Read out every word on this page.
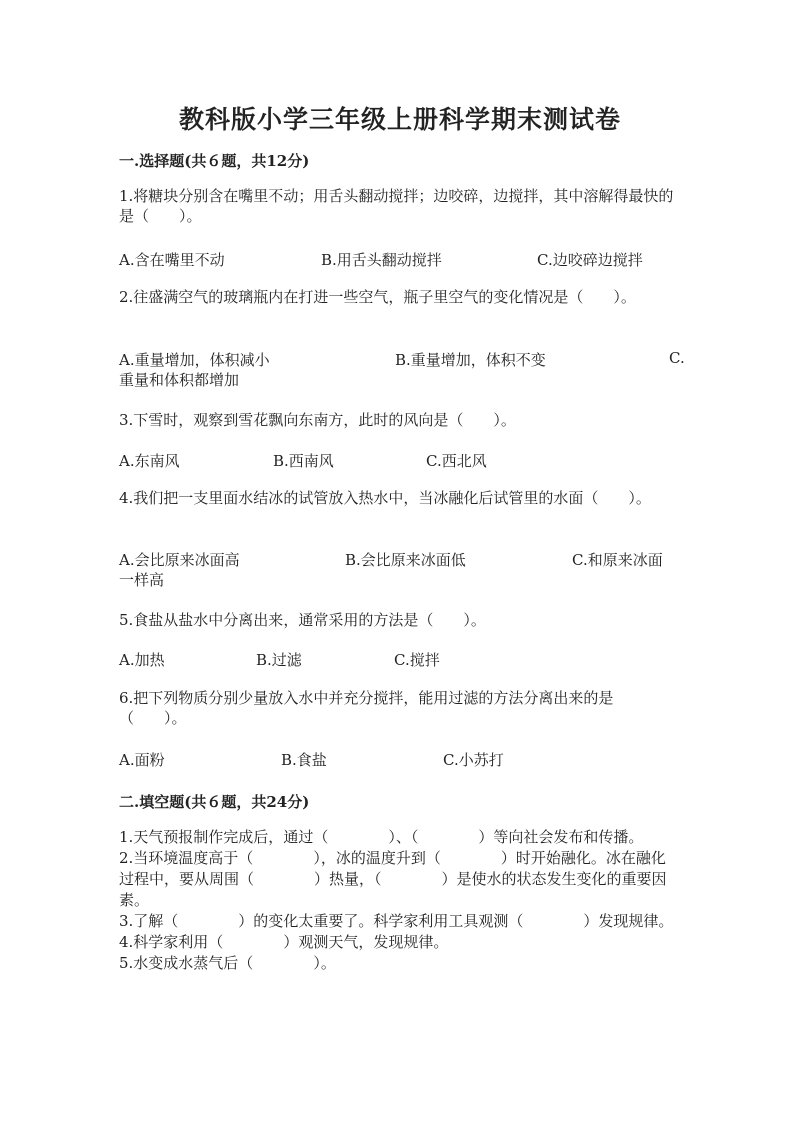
教科版小学三年级上册科学期末测试卷
一.选择题(共６题，共12分)
1.将糖块分别含在嘴里不动；用舌头翻动搅拌；边咬碎，边搅拌，其中溶解得最快的是（　　）。
A.含在嘴里不动	B.用舌头翻动搅拌	C.边咬碎边搅拌
2.往盛满空气的玻璃瓶内在打进一些空气，瓶子里空气的变化情况是（　　）。
A.重量增加，体积减小	B.重量增加，体积不变	C.
重量和体积都增加
3.下雪时，观察到雪花飘向东南方，此时的风向是（　　）。
A.东南风	B.西南风	C.西北风
4.我们把一支里面水结冰的试管放入热水中，当冰融化后试管里的水面（　　）。
A.会比原来冰面高	B.会比原来冰面低	C.和原来冰面
一样高
5.食盐从盐水中分离出来，通常采用的方法是（　　）。
A.加热	B.过滤	C.搅拌
6.把下列物质分别少量放入水中并充分搅拌，能用过滤的方法分离出来的是（　　）。
A.面粉	B.食盐	C.小苏打
二.填空题(共６题，共24分)

1.天气预报制作完成后，通过（　　　　）、（　　　　）等向社会发布和传播。

2.当环境温度高于（　　　　），冰的温度升到（　　　　）时开始融化。冰在融化过程中，要从周围（　　　　）热量，（　　　　）是使水的状态发生变化的重要因素。

3.了解（　　　　）的变化太重要了。科学家利用工具观测（　　　　）发现规律。

4.科学家利用（　　　　）观测天气，发现规律。

5.水变成水蒸气后（　　　　）。
